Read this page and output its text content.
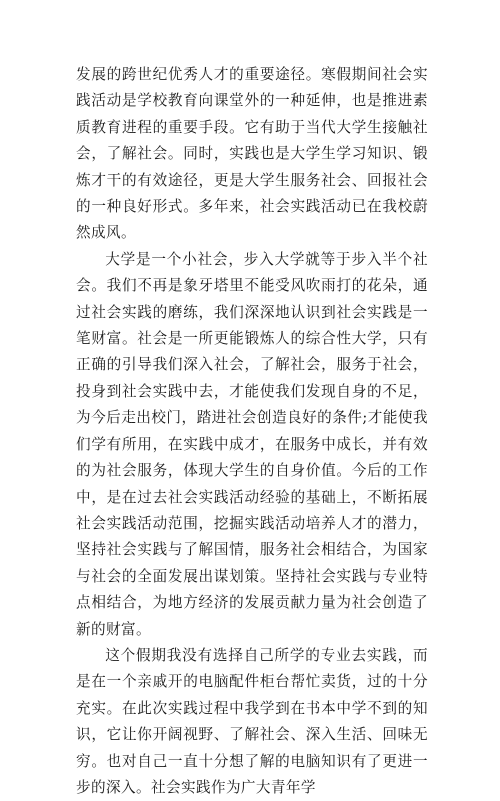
发展的跨世纪优秀人才的重要途径。寒假期间社会实践活动是学校教育向课堂外的一种延伸，也是推进素质教育进程的重要手段。它有助于当代大学生接触社会，了解社会。同时，实践也是大学生学习知识、锻炼才干的有效途径，更是大学生服务社会、回报社会的一种良好形式。多年来，社会实践活动已在我校蔚然成风。

大学是一个小社会，步入大学就等于步入半个社会。我们不再是象牙塔里不能受风吹雨打的花朵，通过社会实践的磨练，我们深深地认识到社会实践是一笔财富。社会是一所更能锻炼人的综合性大学，只有正确的引导我们深入社会，了解社会，服务于社会，投身到社会实践中去，才能使我们发现自身的不足，为今后走出校门，踏进社会创造良好的条件;才能使我们学有所用，在实践中成才，在服务中成长，并有效的为社会服务，体现大学生的自身价值。今后的工作中，是在过去社会实践活动经验的基础上，不断拓展社会实践活动范围，挖掘实践活动培养人才的潜力，坚持社会实践与了解国情，服务社会相结合，为国家与社会的全面发展出谋划策。坚持社会实践与专业特点相结合，为地方经济的发展贡献力量为社会创造了新的财富。

这个假期我没有选择自己所学的专业去实践，而是在一个亲戚开的电脑配件柜台帮忙卖货，过的十分充实。在此次实践过程中我学到在书本中学不到的知识，它让你开阔视野、了解社会、深入生活、回味无穷。也对自己一直十分想了解的电脑知识有了更进一步的深入。社会实践作为广大青年学
